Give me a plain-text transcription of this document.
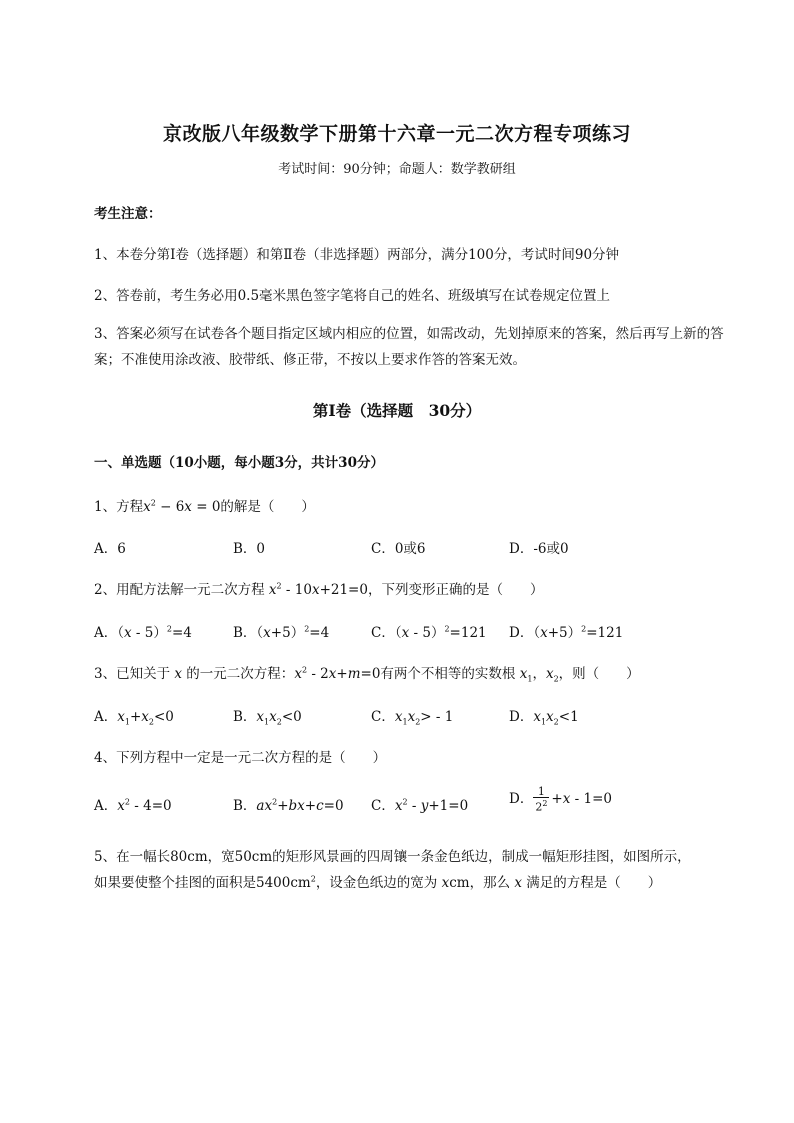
京改版八年级数学下册第十六章一元二次方程专项练习
考试时间：90分钟；命题人：数学教研组
考生注意：
1、本卷分第I卷（选择题）和第Ⅱ卷（非选择题）两部分，满分100分，考试时间90分钟
2、答卷前，考生务必用0.5毫米黑色签字笔将自己的姓名、班级填写在试卷规定位置上
3、答案必须写在试卷各个题目指定区域内相应的位置，如需改动，先划掉原来的答案，然后再写上新的答案；不准使用涂改液、胶带纸、修正带，不按以上要求作答的答案无效。
第I卷（选择题　30分）
一、单选题（10小题，每小题3分，共计30分）
1、方程$x^2 - 6x = 0$的解是（　　）
A．6	B．0	C．0或6	D．-6或0
2、用配方法解一元二次方程 $x^2 - 10x+21=0$，下列变形正确的是（　　）
A．（x - 5）$^2$=4	B．$(x+5)^2=4$	C．（x - 5）$^2$=121 D．$(x+5)^2=121$
3、已知关于 x 的一元二次方程：$x^2 - 2x+m=0$有两个不相等的实数根 $x_1$，$x_2$，则（　　）
A．$x_1+x_2<0$	B．$x_1x_2<0$	C．$x_1x_2> - 1$	D．$x_1x_2<1$
4、下列方程中一定是一元二次方程的是（　　）
A．$x^2 - 4=0$	B．$ax^2+bx+c=0$ C．$x^2 - y+1=0$	D． $\frac{1}{2^2} +x - 1=0$
5、在一幅长80cm，宽50cm的矩形风景画的四周镶一条金色纸边，制成一幅矩形挂图，如图所示，
如果要使整个挂图的面积是$5400cm^2$，设金色纸边的宽为 xcm，那么 x 满足的方程是（　　）
